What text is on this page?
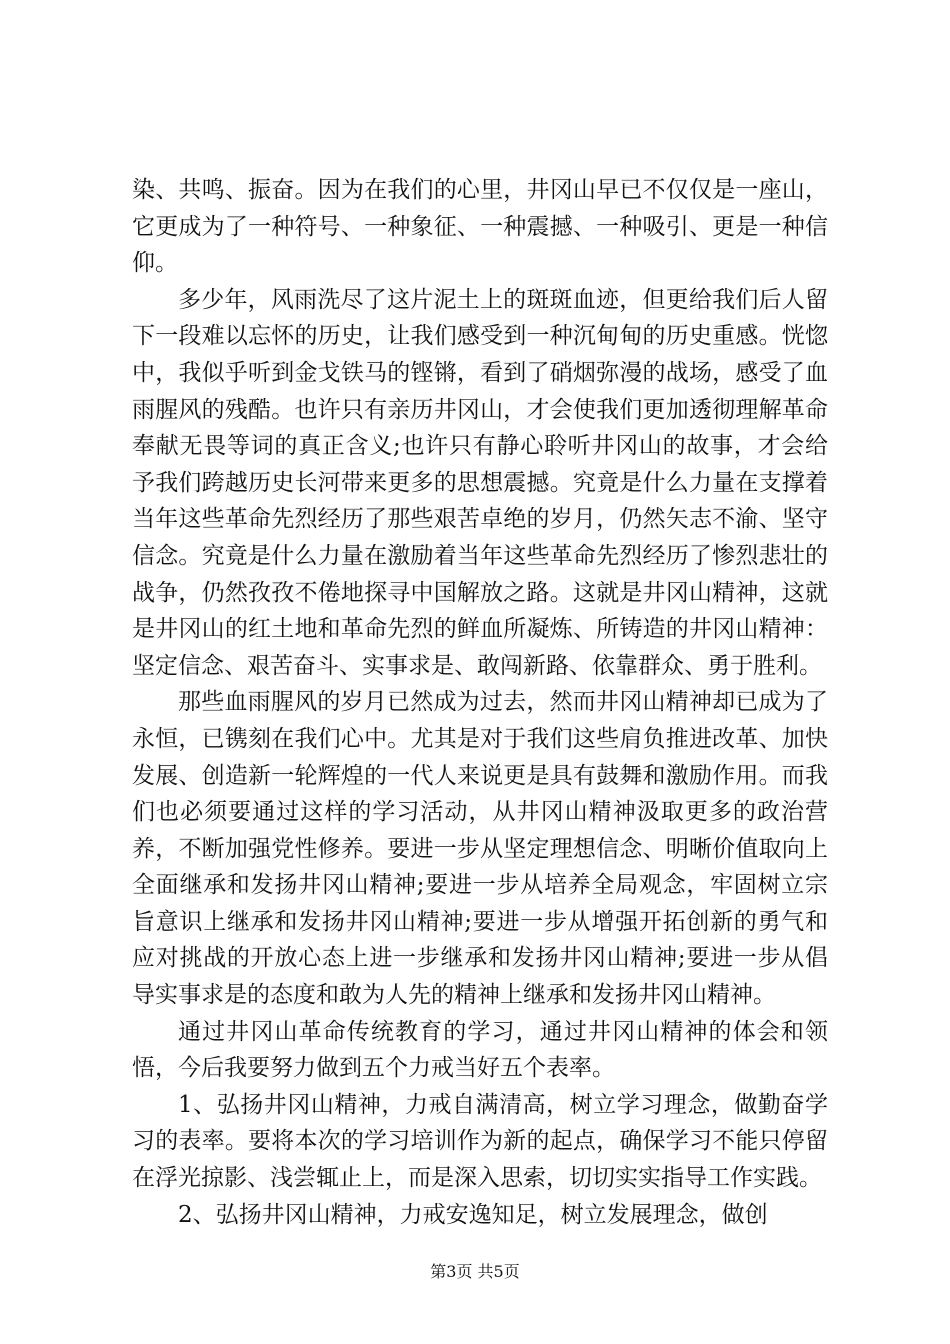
染、共鸣、振奋。因为在我们的心里，井冈山早已不仅仅是一座山，它更成为了一种符号、一种象征、一种震撼、一种吸引、更是一种信仰。

多少年，风雨洗尽了这片泥土上的斑斑血迹，但更给我们后人留下一段难以忘怀的历史，让我们感受到一种沉甸甸的历史重感。恍惚中，我似乎听到金戈铁马的铿锵，看到了硝烟弥漫的战场，感受了血雨腥风的残酷。也许只有亲历井冈山，才会使我们更加透彻理解革命奉献无畏等词的真正含义;也许只有静心聆听井冈山的故事，才会给予我们跨越历史长河带来更多的思想震撼。究竟是什么力量在支撑着当年这些革命先烈经历了那些艰苦卓绝的岁月，仍然矢志不渝、坚守信念。究竟是什么力量在激励着当年这些革命先烈经历了惨烈悲壮的战争，仍然孜孜不倦地探寻中国解放之路。这就是井冈山精神，这就是井冈山的红土地和革命先烈的鲜血所凝炼、所铸造的井冈山精神：坚定信念、艰苦奋斗、实事求是、敢闯新路、依靠群众、勇于胜利。

那些血雨腥风的岁月已然成为过去，然而井冈山精神却已成为了永恒，已镌刻在我们心中。尤其是对于我们这些肩负推进改革、加快发展、创造新一轮辉煌的一代人来说更是具有鼓舞和激励作用。而我们也必须要通过这样的学习活动，从井冈山精神汲取更多的政治营养，不断加强党性修养。要进一步从坚定理想信念、明晰价值取向上全面继承和发扬井冈山精神;要进一步从培养全局观念，牢固树立宗旨意识上继承和发扬井冈山精神;要进一步从增强开拓创新的勇气和应对挑战的开放心态上进一步继承和发扬井冈山精神;要进一步从倡导实事求是的态度和敢为人先的精神上继承和发扬井冈山精神。

通过井冈山革命传统教育的学习，通过井冈山精神的体会和领悟，今后我要努力做到五个力戒当好五个表率。

1、弘扬井冈山精神，力戒自满清高，树立学习理念，做勤奋学习的表率。要将本次的学习培训作为新的起点，确保学习不能只停留在浮光掠影、浅尝辄止上，而是深入思索，切切实实指导工作实践。

2、弘扬井冈山精神，力戒安逸知足，树立发展理念，做创

第3页 共5页
